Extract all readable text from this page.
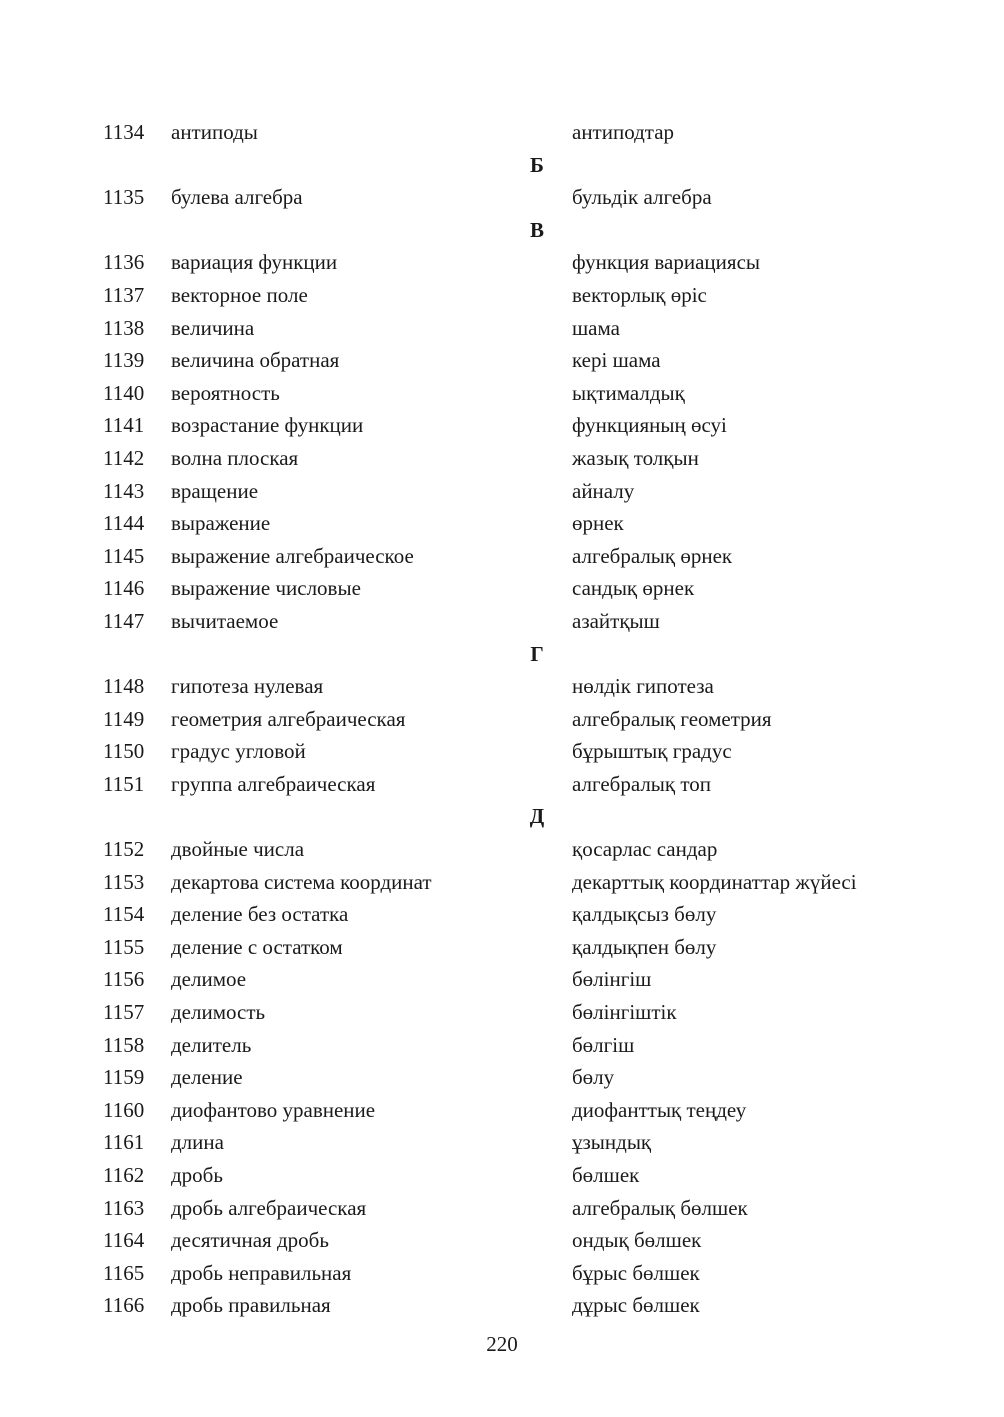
1134 антиподы	антиподтар
Б
1135 булева алгебра	бульдік алгебра
В
1136 вариация функции	функция вариациясы
1137 векторное поле	векторлық өріс
1138 величина	шама
1139 величина обратная	кері шама
1140 вероятность	ықтималдық
1141 возрастание функции	функцияның өсуі
1142 волна плоская	жазық толқын
1143 вращение	айналу
1144 выражение	өрнек
1145 выражение алгебраическое	алгебралық өрнек
1146 выражение числовые	сандық өрнек
1147 вычитаемое	азайтқыш
Г
1148 гипотеза нулевая	нөлдік гипотеза
1149 геометрия алгебраическая	алгебралық геометрия
1150 градус угловой	бұрыштық градус
1151 группа алгебраическая	алгебралық топ
Д
1152 двойные числа	қосарлас сандар
1153 декартова система координат	декарттық координаттар жүйесі
1154 деление без остатка	қалдықсыз бөлу
1155 деление с остатком	қалдықпен бөлу
1156 делимое	бөлінгіш
1157 делимость	бөлінгіштік
1158 делитель	бөлгіш
1159 деление	бөлу
1160 диофантово уравнение	диофанттық теңдеу
1161 длина	ұзындық
1162 дробь	бөлшек
1163 дробь алгебраическая	алгебралық бөлшек
1164 десятичная дробь	ондық бөлшек
1165 дробь неправильная	бұрыс бөлшек
1166 дробь правильная	дұрыс бөлшек
220
